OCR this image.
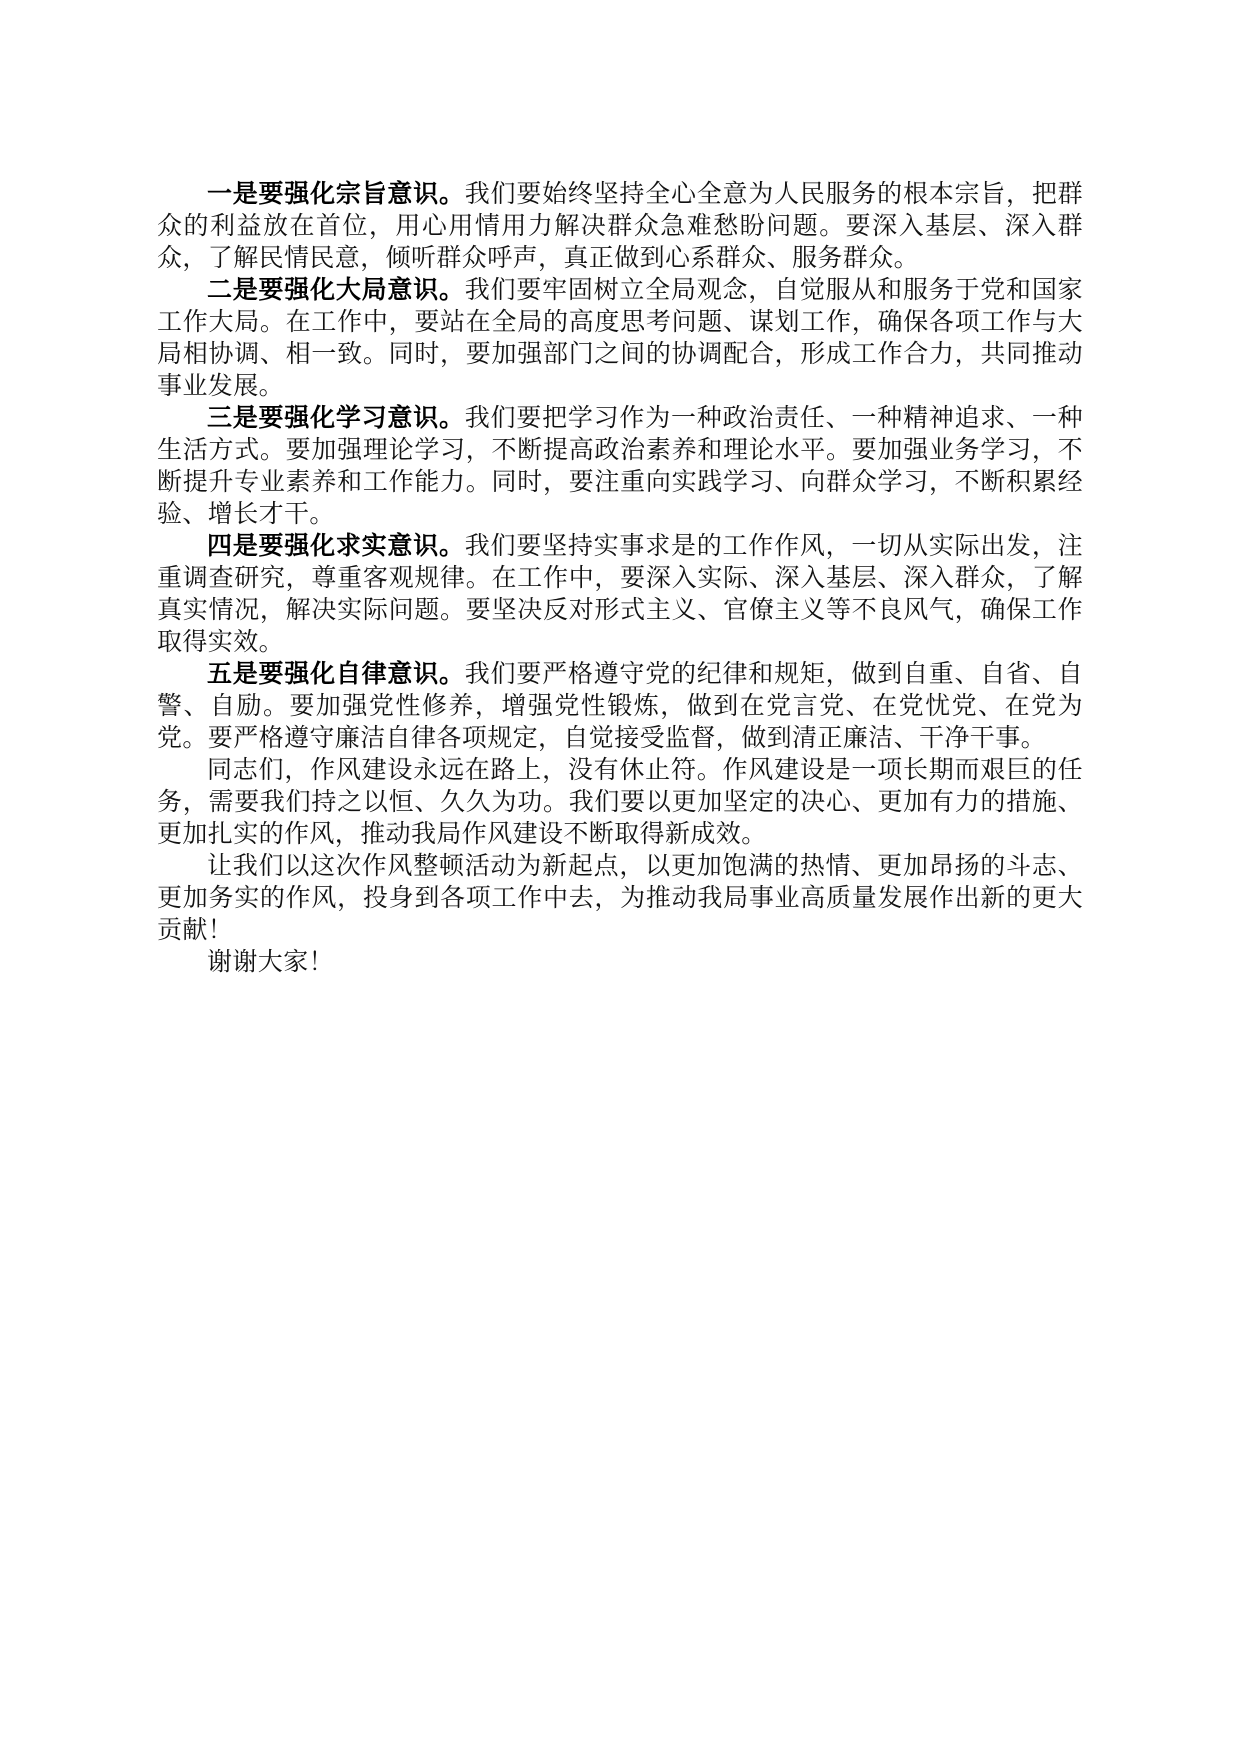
一是要强化宗旨意识。我们要始终坚持全心全意为人民服务的根本宗旨，把群众的利益放在首位，用心用情用力解决群众急难愁盼问题。要深入基层、深入群众，了解民情民意，倾听群众呼声，真正做到心系群众、服务群众。

二是要强化大局意识。我们要牢固树立全局观念，自觉服从和服务于党和国家工作大局。在工作中，要站在全局的高度思考问题、谋划工作，确保各项工作与大局相协调、相一致。同时，要加强部门之间的协调配合，形成工作合力，共同推动事业发展。

三是要强化学习意识。我们要把学习作为一种政治责任、一种精神追求、一种生活方式。要加强理论学习，不断提高政治素养和理论水平。要加强业务学习，不断提升专业素养和工作能力。同时，要注重向实践学习、向群众学习，不断积累经验、增长才干。

四是要强化求实意识。我们要坚持实事求是的工作作风，一切从实际出发，注重调查研究，尊重客观规律。在工作中，要深入实际、深入基层、深入群众，了解真实情况，解决实际问题。要坚决反对形式主义、官僚主义等不良风气，确保工作取得实效。

五是要强化自律意识。我们要严格遵守党的纪律和规矩，做到自重、自省、自警、自励。要加强党性修养，增强党性锻炼，做到在党言党、在党忧党、在党为党。要严格遵守廉洁自律各项规定，自觉接受监督，做到清正廉洁、干净干事。

同志们，作风建设永远在路上，没有休止符。作风建设是一项长期而艰巨的任务，需要我们持之以恒、久久为功。我们要以更加坚定的决心、更加有力的措施、更加扎实的作风，推动我局作风建设不断取得新成效。

让我们以这次作风整顿活动为新起点，以更加饱满的热情、更加昂扬的斗志、更加务实的作风，投身到各项工作中去，为推动我局事业高质量发展作出新的更大贡献！

谢谢大家！
